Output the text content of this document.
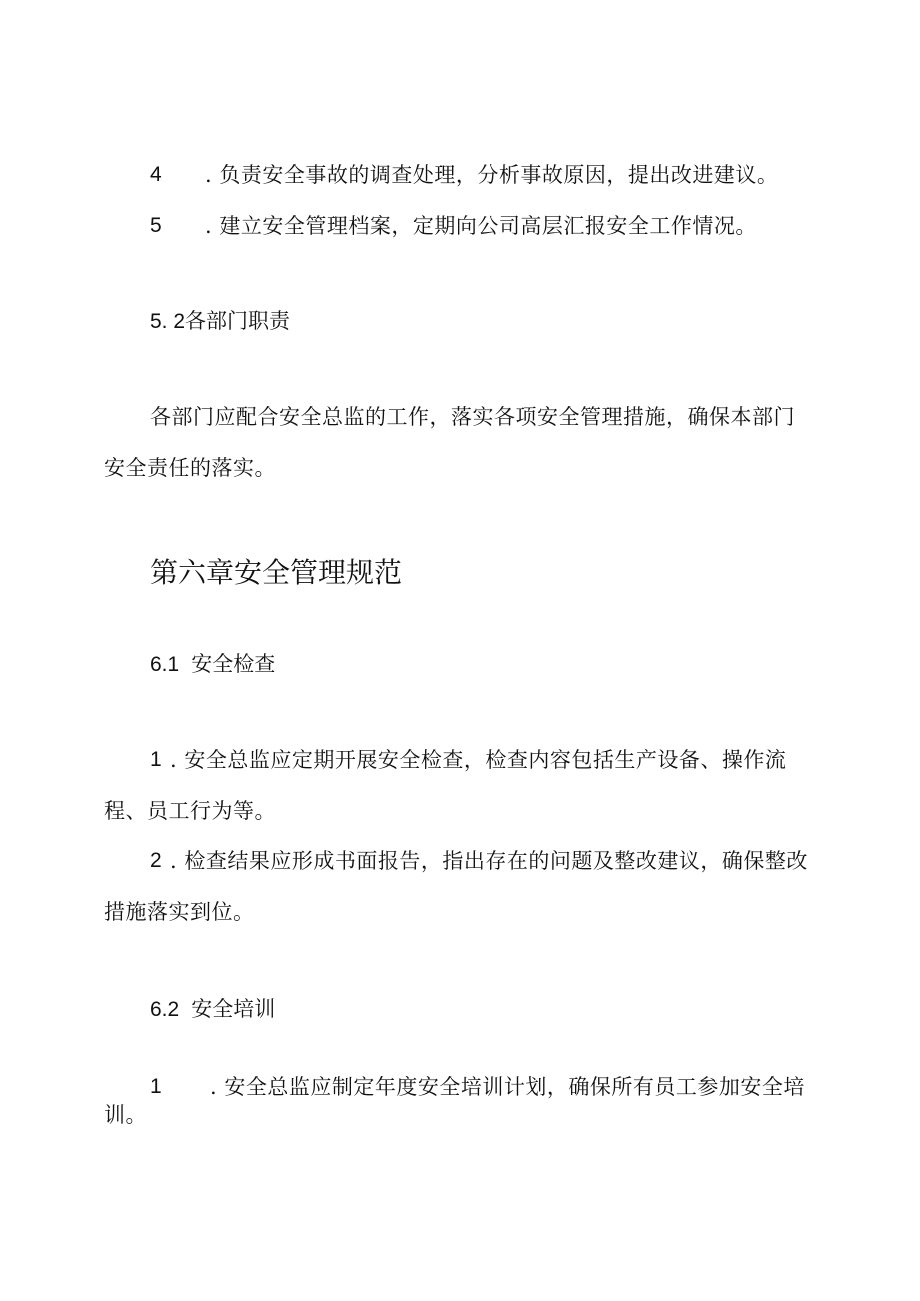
4 . 负责安全事故的调查处理，分析事故原因，提出改进建议。
5 . 建立安全管理档案，定期向公司高层汇报安全工作情况。
5. 2各部门职责
各部门应配合安全总监的工作，落实各项安全管理措施，确保本部门
安全责任的落实。
第六章安全管理规范
6.1 安全检查
1 . 安全总监应定期开展安全检查，检查内容包括生产设备、操作流
程、员工行为等。
2 . 检查结果应形成书面报告，指出存在的问题及整改建议，确保整改
措施落实到位。
6.2 安全培训
1 . 安全总监应制定年度安全培训计划，确保所有员工参加安全培
训。
